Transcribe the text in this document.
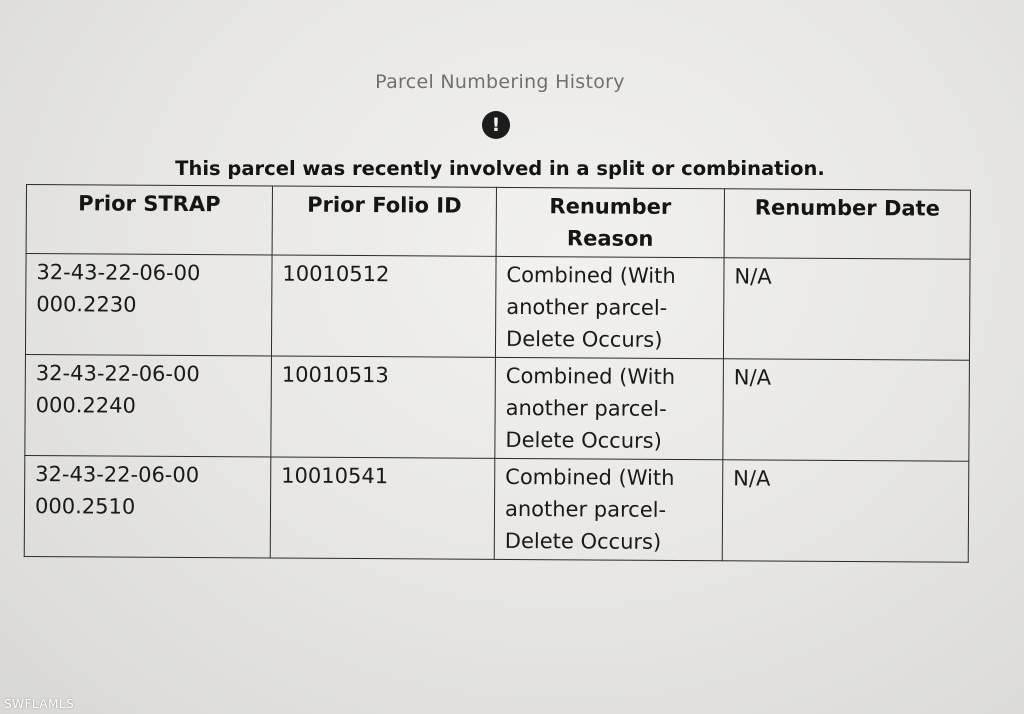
Parcel Numbering History
!
This parcel was recently involved in a split or combination.
Prior STRAP	Prior Folio ID	Renumber Reason	Renumber Date
32-43-22-06-00 000.2230	10010512	Combined (With another parcel- Delete Occurs)	N/A
32-43-22-06-00 000.2240	10010513	Combined (With another parcel- Delete Occurs)	N/A
32-43-22-06-00 000.2510	10010541	Combined (With another parcel- Delete Occurs)	N/A
SWFLAMLS
